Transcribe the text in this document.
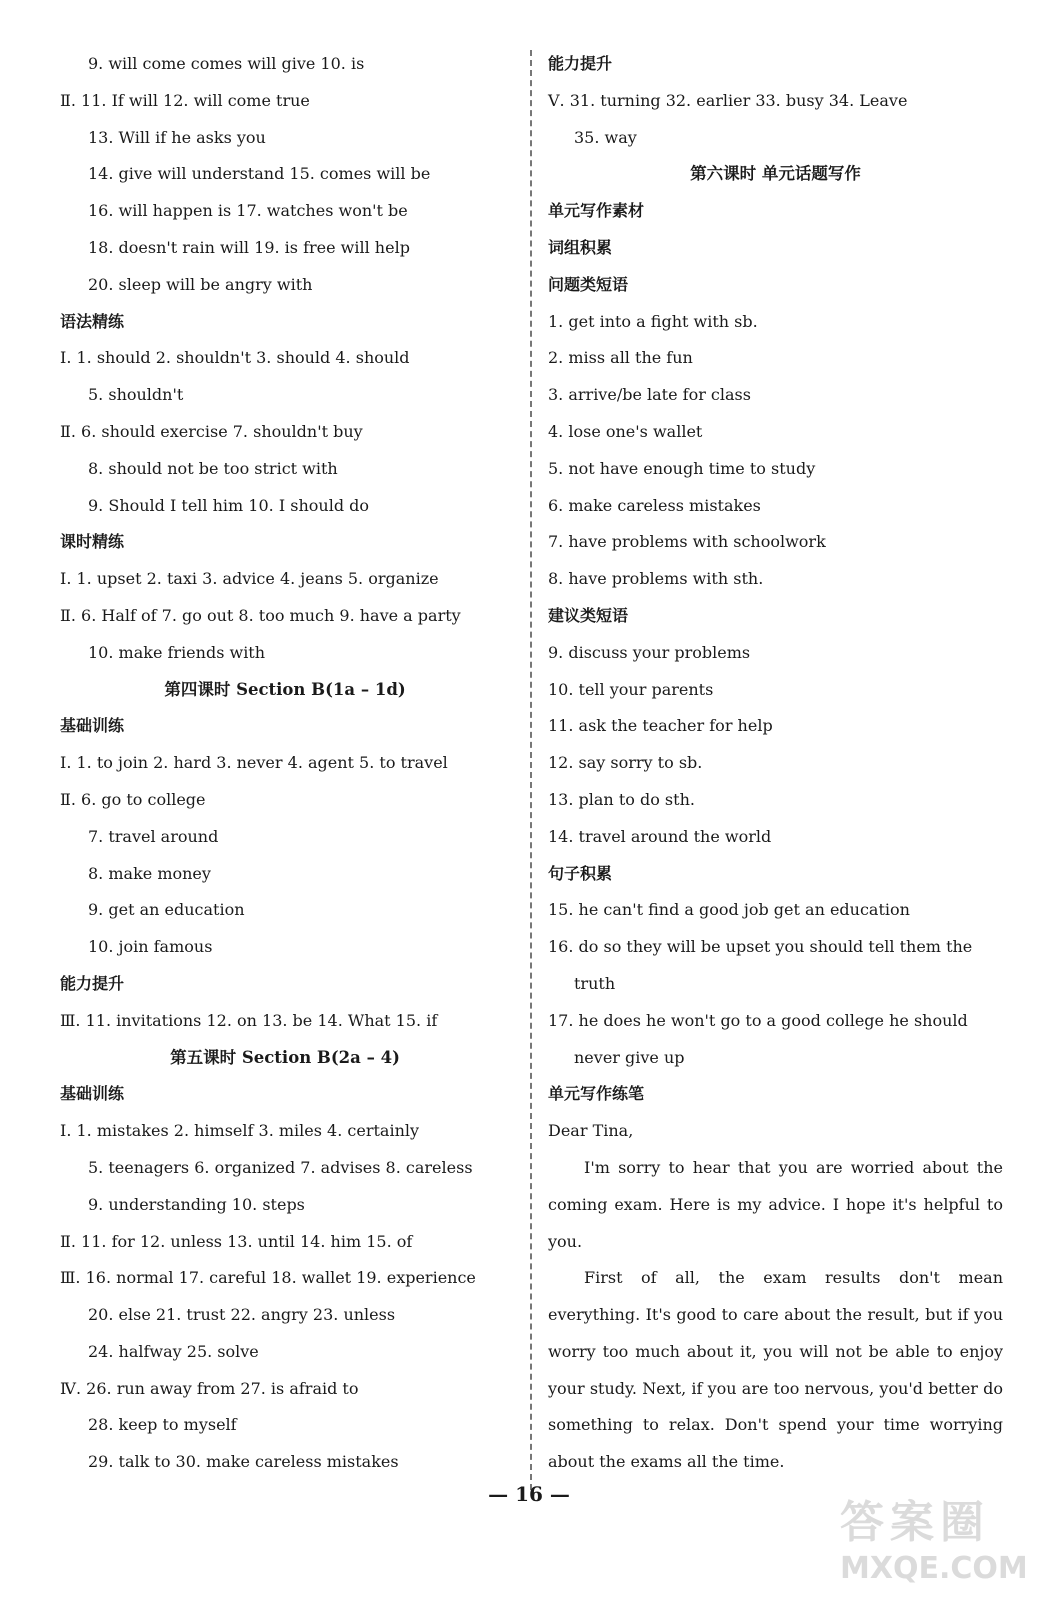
9. will come comes will give 10. is
Ⅱ. 11. If will 12. will come true
13. Will if he asks you
14. give will understand 15. comes will be
16. will happen is 17. watches won't be
18. doesn't rain will 19. is free will help
20. sleep will be angry with
语法精练
Ⅰ. 1. should 2. shouldn't 3. should 4. should
5. shouldn't
Ⅱ. 6. should exercise 7. shouldn't buy
8. should not be too strict with
9. Should I tell him 10. I should do
课时精练
Ⅰ. 1. upset 2. taxi 3. advice 4. jeans 5. organize
Ⅱ. 6. Half of 7. go out 8. too much 9. have a party
10. make friends with
第四课时 Section B(1a – 1d)
基础训练
Ⅰ. 1. to join 2. hard 3. never 4. agent 5. to travel
Ⅱ. 6. go to college
7. travel around
8. make money
9. get an education
10. join famous
能力提升
Ⅲ. 11. invitations 12. on 13. be 14. What 15. if
第五课时 Section B(2a – 4)
基础训练
Ⅰ. 1. mistakes 2. himself 3. miles 4. certainly
5. teenagers 6. organized 7. advises 8. careless
9. understanding 10. steps
Ⅱ. 11. for 12. unless 13. until 14. him 15. of
Ⅲ. 16. normal 17. careful 18. wallet 19. experience
20. else 21. trust 22. angry 23. unless
24. halfway 25. solve
Ⅳ. 26. run away from 27. is afraid to
28. keep to myself
29. talk to 30. make careless mistakes
能力提升
Ⅴ. 31. turning 32. earlier 33. busy 34. Leave
35. way
第六课时 单元话题写作
单元写作素材
词组积累
问题类短语
1. get into a fight with sb.
2. miss all the fun
3. arrive/be late for class
4. lose one's wallet
5. not have enough time to study
6. make careless mistakes
7. have problems with schoolwork
8. have problems with sth.
建议类短语
9. discuss your problems
10. tell your parents
11. ask the teacher for help
12. say sorry to sb.
13. plan to do sth.
14. travel around the world
句子积累
15. he can't find a good job get an education
16. do so they will be upset you should tell them the
truth
17. he does he won't go to a good college he should
never give up
单元写作练笔
Dear Tina,
I'm sorry to hear that you are worried about the coming exam. Here is my advice. I hope it's helpful to you.
First of all, the exam results don't mean everything. It's good to care about the result, but if you worry too much about it, you will not be able to enjoy your study. Next, if you are too nervous, you'd better do something to relax. Don't spend your time worrying about the exams all the time.
— 16 —
答案圈
MXQE.COM
